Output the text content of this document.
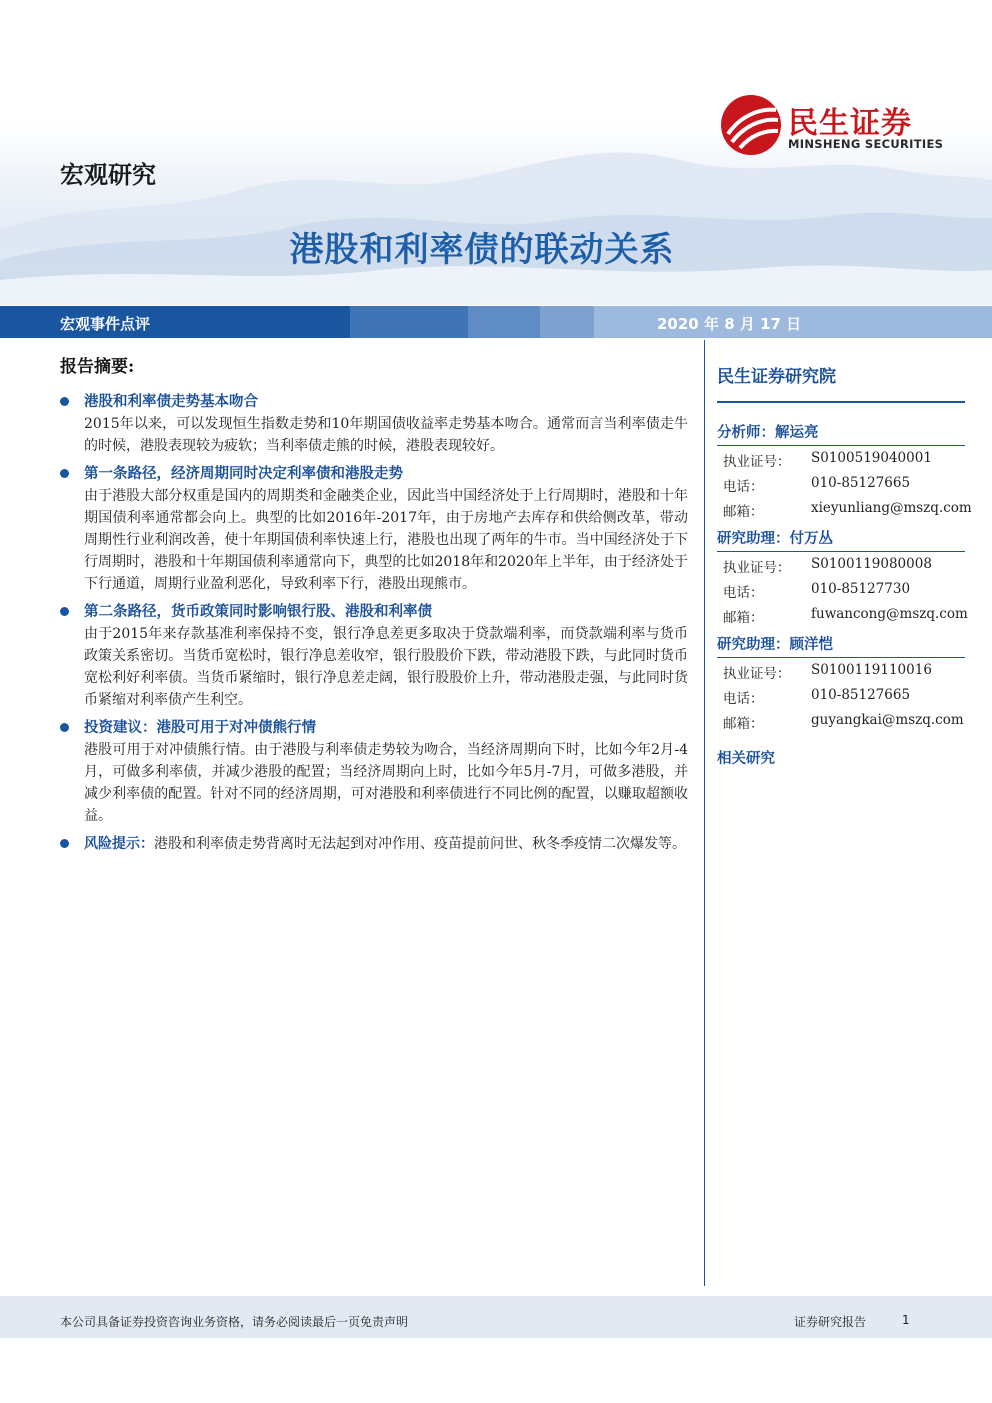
宏观研究
港股和利率债的联动关系
民生证券
MINSHENG SECURITIES
宏观事件点评	2020 年 8 月 17 日
报告摘要:
港股和利率债走势基本吻合
2015年以来，可以发现恒生指数走势和10年期国债收益率走势基本吻合。通常而言当利率债走牛的时候，港股表现较为疲软；当利率债走熊的时候，港股表现较好。
第一条路径，经济周期同时决定利率债和港股走势
由于港股大部分权重是国内的周期类和金融类企业，因此当中国经济处于上行周期时，港股和十年期国债利率通常都会向上。典型的比如2016年-2017年，由于房地产去库存和供给侧改革，带动周期性行业利润改善，使十年期国债利率快速上行，港股也出现了两年的牛市。当中国经济处于下行周期时，港股和十年期国债利率通常向下，典型的比如2018年和2020年上半年，由于经济处于下行通道，周期行业盈利恶化，导致利率下行，港股出现熊市。
第二条路径，货币政策同时影响银行股、港股和利率债
由于2015年来存款基准利率保持不变，银行净息差更多取决于贷款端利率，而贷款端利率与货币政策关系密切。当货币宽松时，银行净息差收窄，银行股股价下跌，带动港股下跌，与此同时货币宽松利好利率债。当货币紧缩时，银行净息差走阔，银行股股价上升，带动港股走强，与此同时货币紧缩对利率债产生利空。
投资建议：港股可用于对冲债熊行情
港股可用于对冲债熊行情。由于港股与利率债走势较为吻合，当经济周期向下时，比如今年2月-4月，可做多利率债，并减少港股的配置；当经济周期向上时，比如今年5月-7月，可做多港股，并减少利率债的配置。针对不同的经济周期，可对港股和利率债进行不同比例的配置，以赚取超额收益。
风险提示：港股和利率债走势背离时无法起到对冲作用、疫苗提前问世、秋冬季疫情二次爆发等。
民生证券研究院
分析师：解运亮
执业证号： S0100519040001
电话：	010-85127665
邮箱：	xieyunliang@mszq.com
研究助理：付万丛
执业证号： S0100119080008
电话：	010-85127730
邮箱：	fuwancong@mszq.com
研究助理：顾洋恺
执业证号： S0100119110016
电话：	010-85127665
邮箱：	guyangkai@mszq.com
相关研究
本公司具备证券投资咨询业务资格，请务必阅读最后一页免责声明	证券研究报告	1
